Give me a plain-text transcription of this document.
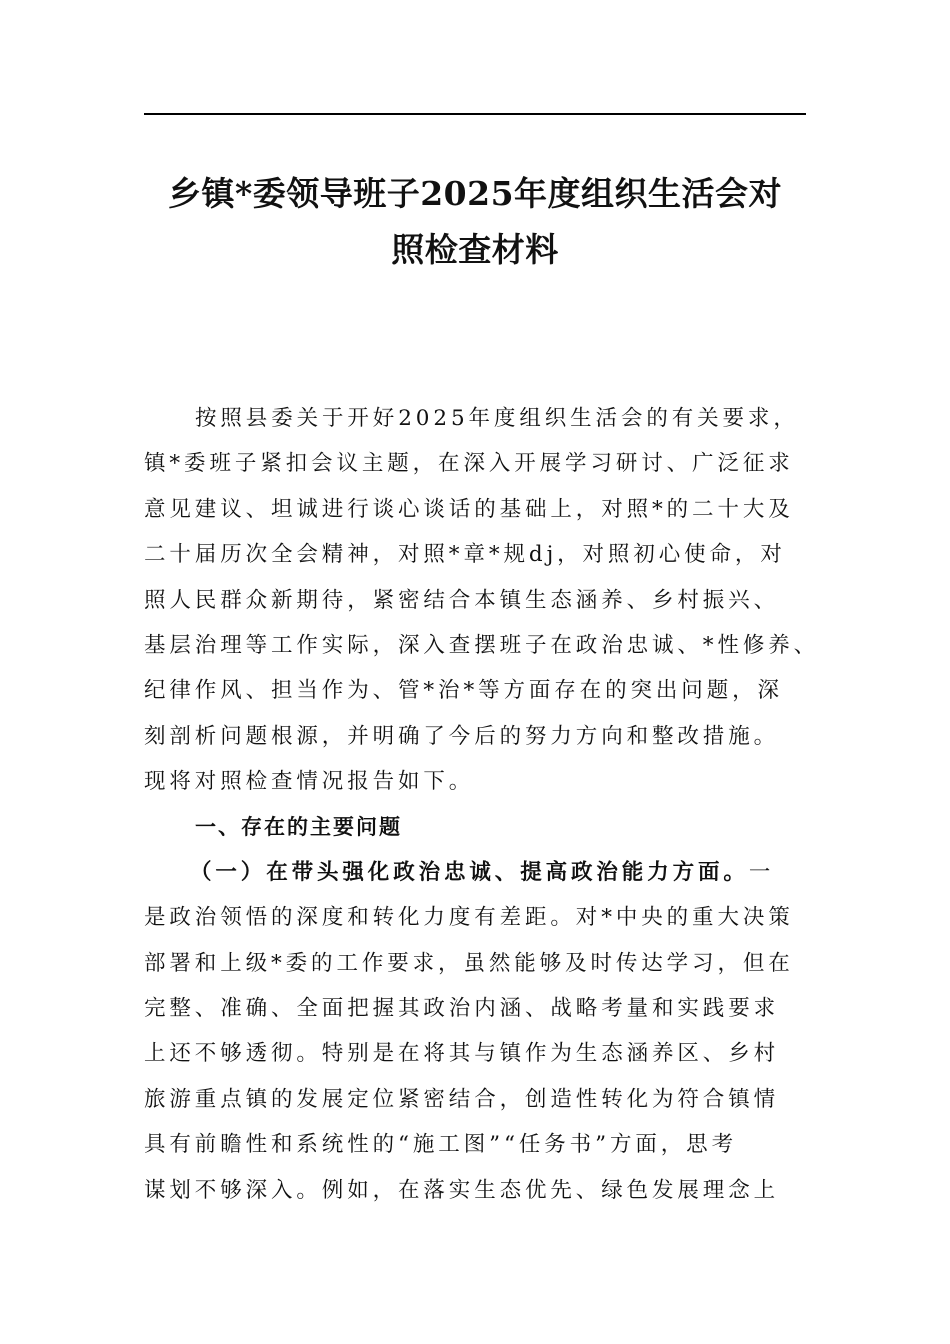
乡镇*委领导班子2025年度组织生活会对
照检查材料
按照县委关于开好2025年度组织生活会的有关要求，
镇*委班子紧扣会议主题，在深入开展学习研讨、广泛征求
意见建议、坦诚进行谈心谈话的基础上，对照*的二十大及
二十届历次全会精神，对照*章*规dj，对照初心使命，对
照人民群众新期待，紧密结合本镇生态涵养、乡村振兴、
基层治理等工作实际，深入查摆班子在政治忠诚、*性修养、
纪律作风、担当作为、管*治*等方面存在的突出问题，深
刻剖析问题根源，并明确了今后的努力方向和整改措施。
现将对照检查情况报告如下。
一、存在的主要问题
（一）在带头强化政治忠诚、提高政治能力方面。一
是政治领悟的深度和转化力度有差距。对*中央的重大决策
部署和上级*委的工作要求，虽然能够及时传达学习，但在
完整、准确、全面把握其政治内涵、战略考量和实践要求
上还不够透彻。特别是在将其与镇作为生态涵养区、乡村
旅游重点镇的发展定位紧密结合，创造性转化为符合镇情
具有前瞻性和系统性的“施工图”“任务书”方面，思考
谋划不够深入。例如，在落实生态优先、绿色发展理念上
